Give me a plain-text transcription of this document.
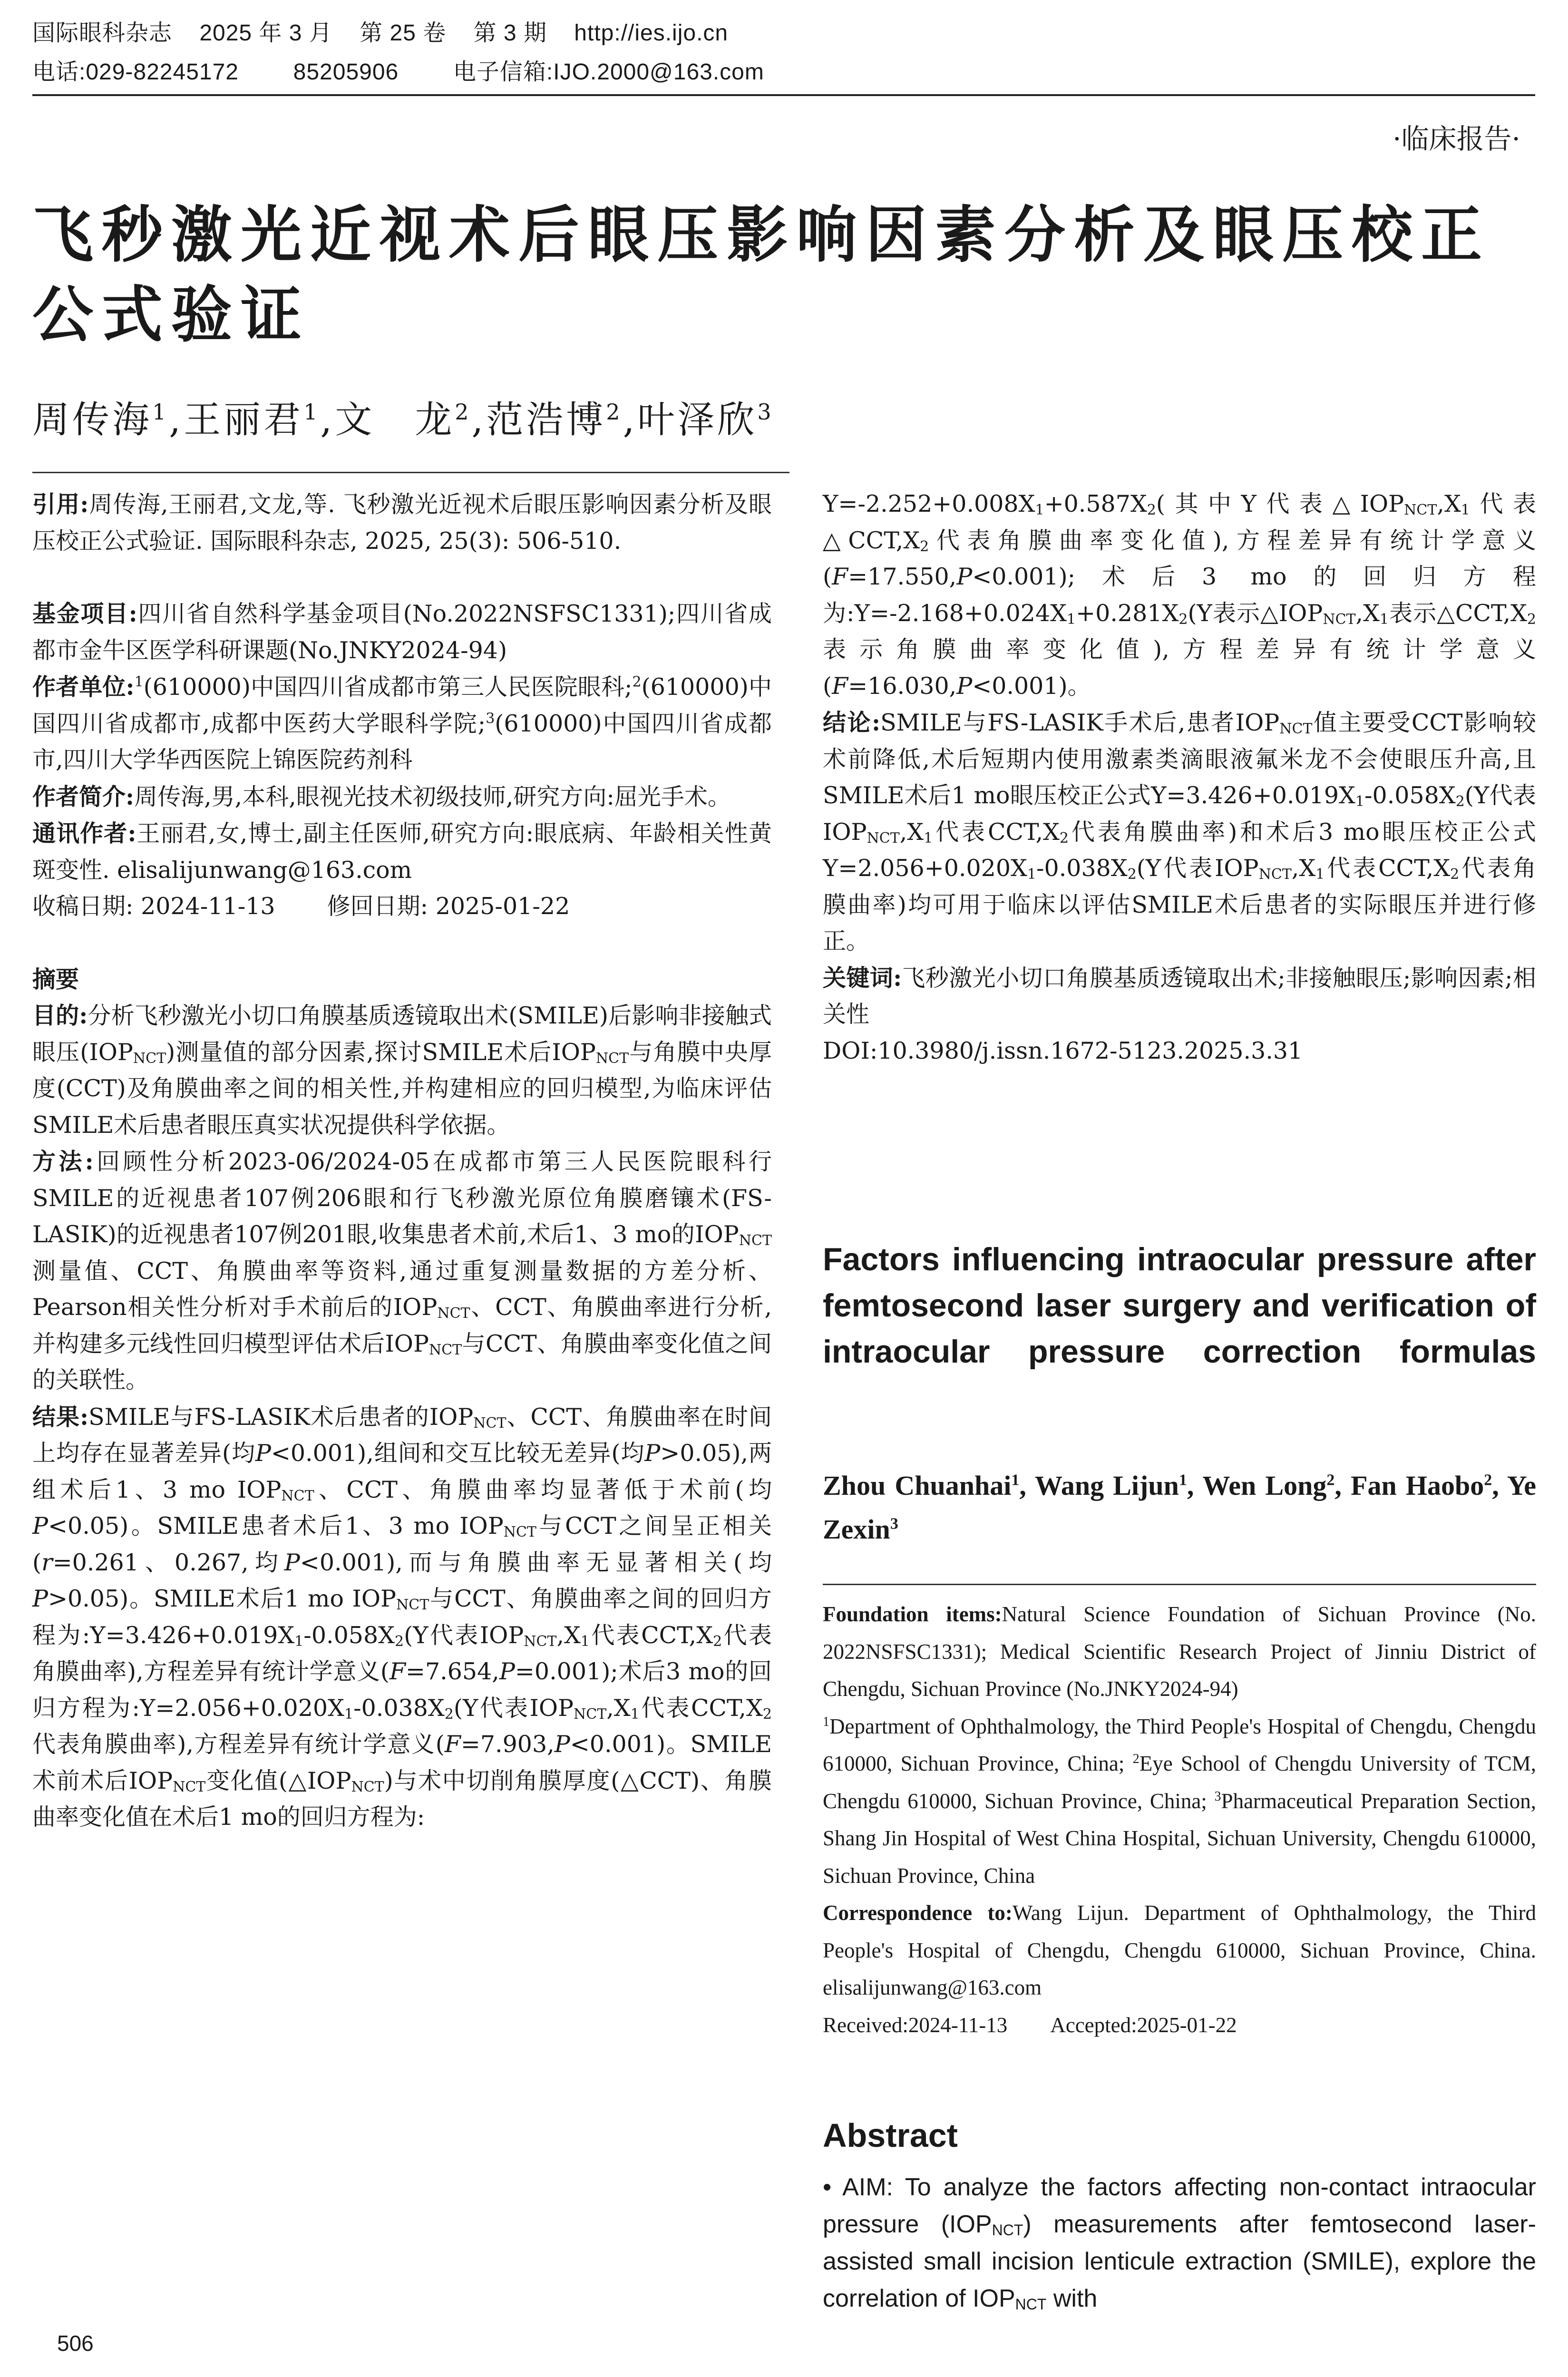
国际眼科杂志    2025 年 3 月    第 25 卷    第 3 期    http://ies.ijo.cn
电话:029-82245172        85205906        电子信箱:IJO.2000@163.com
·临床报告·
飞秒激光近视术后眼压影响因素分析及眼压校正公式验证
周传海$^1$,王丽君$^1$,文　龙$^2$,范浩博$^2$,叶泽欣$^3$

引用:周传海,王丽君,文龙,等. 飞秒激光近视术后眼压影响因素分析及眼压校正公式验证. 国际眼科杂志, 2025, 25(3): 506-510.

基金项目:四川省自然科学基金项目(No.2022NSFSC1331);四川省成都市金牛区医学科研课题(No.JNKY2024-94)

作者单位:$^1$(610000)中国四川省成都市第三人民医院眼科;$^2$(610000)中国四川省成都市,成都中医药大学眼科学院;$^3$(610000)中国四川省成都市,四川大学华西医院上锦医院药剂科

作者简介:周传海,男,本科,眼视光技术初级技师,研究方向:屈光手术。

通讯作者:王丽君,女,博士,副主任医师,研究方向:眼底病、年龄相关性黄斑变性. elisalijunwang@163.com

收稿日期: 2024-11-13 修回日期: 2025-01-22

摘要

目的:分析飞秒激光小切口角膜基质透镜取出术(SMILE)后影响非接触式眼压$(IOP_{NCT})$测量值的部分因素,探讨SMILE术后$IOP_{NCT}$与角膜中央厚度(CCT)及角膜曲率之间的相关性,并构建相应的回归模型,为临床评估SMILE术后患者眼压真实状况提供科学依据。

方法:回顾性分析2023-06/2024-05在成都市第三人民医院眼科行SMILE的近视患者107例206眼和行飞秒激光原位角膜磨镶术(FS-LASIK)的近视患者107例201眼,收集患者术前,术后1、3 mo的$IOP_{NCT}$测量值、CCT、角膜曲率等资料,通过重复测量数据的方差分析、Pearson相关性分析对手术前后的$IOP_{NCT}$、CCT、角膜曲率进行分析,并构建多元线性回归模型评估术后$IOP_{NCT}$与CCT、角膜曲率变化值之间的关联性。

结果:SMILE与FS-LASIK术后患者的$IOP_{NCT}$、CCT、角膜曲率在时间上均存在显著差异(均P<0.001),组间和交互比较无差异(均P>0.05),两组术后1、3 mo $IOP_{NCT}$、CCT、角膜曲率均显著低于术前(均P<0.05)。SMILE患者术后1、3 mo $IOP_{NCT}$与CCT之间呈正相关(r=0.261、0.267,均P<0.001),而与角膜曲率无显著相关(均P>0.05)。SMILE术后1 mo $IOP_{NCT}$与CCT、角膜曲率之间的回归方程为$:Y=3.426+0.019X_1-0.058X_2(Y$代表$IOP_{NCT},X_1$代表$CCT,X_2$代表角膜曲率),方程差异有统计学意义(F=7.654,P=0.001);术后3 mo的回归方程为$:Y=2.056+0.020X_1-0.038X_2(Y$代表$IOP_{NCT},X_1$代表$CCT,X_2$代表角膜曲率),方程差异有统计学意义(F=7.903,P<0.001)。SMILE术前术后$IOP_{NCT}$变化值$(\triangle IOP_{NCT})$与术中切削角膜厚度(△CCT)、角膜曲率变化值在术后1 mo的回归方程为:

$Y=-2.252+0.008X_1+0.587X_2$(其中Y代表$\triangle IOP_{NCT},X_1$代表$\triangle CCT,X_2$代表角膜曲率变化值),方程差异有统计学意义(F=17.550,P<0.001);术后3 mo的回归方程为$:Y=-2.168+0.024X_1+0.281X_2(Y$表示$\triangle IOP_{NCT},X_1$表示$\triangle CCT,X_2$表示角膜曲率变化值),方程差异有统计学意义(F=16.030,P<0.001)。

结论:SMILE与FS-LASIK手术后,患者$IOP_{NCT}$值主要受CCT影响较术前降低,术后短期内使用激素类滴眼液氟米龙不会使眼压升高,且SMILE术后1 mo眼压校正公式$Y=3.426+0.019X_1-0.058X_2(Y$代表$IOP_{NCT},X_1$代表$CCT,X_2$代表角膜曲率)和术后3 mo眼压校正公式$Y=2.056+0.020X_1-0.038X_2(Y$代表$IOP_{NCT},X_1$代表$CCT,X_2$代表角膜曲率)均可用于临床以评估SMILE术后患者的实际眼压并进行修正。

关键词:飞秒激光小切口角膜基质透镜取出术;非接触眼压;影响因素;相关性

DOI:10.3980/j.issn.1672-5123.2025.3.31

Factors influencing intraocular pressure after femtosecond laser surgery and verification of intraocular pressure correction formulas
Zhou Chuanhai$^1$, Wang Lijun$^1$, Wen Long$^2$, Fan Haobo$^2$, Ye Zexin$^3$

Foundation items:Natural Science Foundation of Sichuan Province (No. 2022NSFSC1331); Medical Scientific Research Project of Jinniu District of Chengdu, Sichuan Province (No.JNKY2024-94)

$^1$Department of Ophthalmology, the Third People's Hospital of Chengdu, Chengdu 610000, Sichuan Province, China; $^2$Eye School of Chengdu University of TCM, Chengdu 610000, Sichuan Province, China; $^3$Pharmaceutical Preparation Section, Shang Jin Hospital of West China Hospital, Sichuan University, Chengdu 610000, Sichuan Province, China

Correspondence to:Wang Lijun. Department of Ophthalmology, the Third People's Hospital of Chengdu, Chengdu 610000, Sichuan Province, China. elisalijunwang@163.com

Received:2024-11-13 Accepted:2025-01-22

Abstract
• AIM: To analyze the factors affecting non-contact intraocular pressure $(IOP_{NCT})$ measurements after femtosecond laser-assisted small incision lenticule extraction (SMILE), explore the correlation of $IOP_{NCT}$ with
506
